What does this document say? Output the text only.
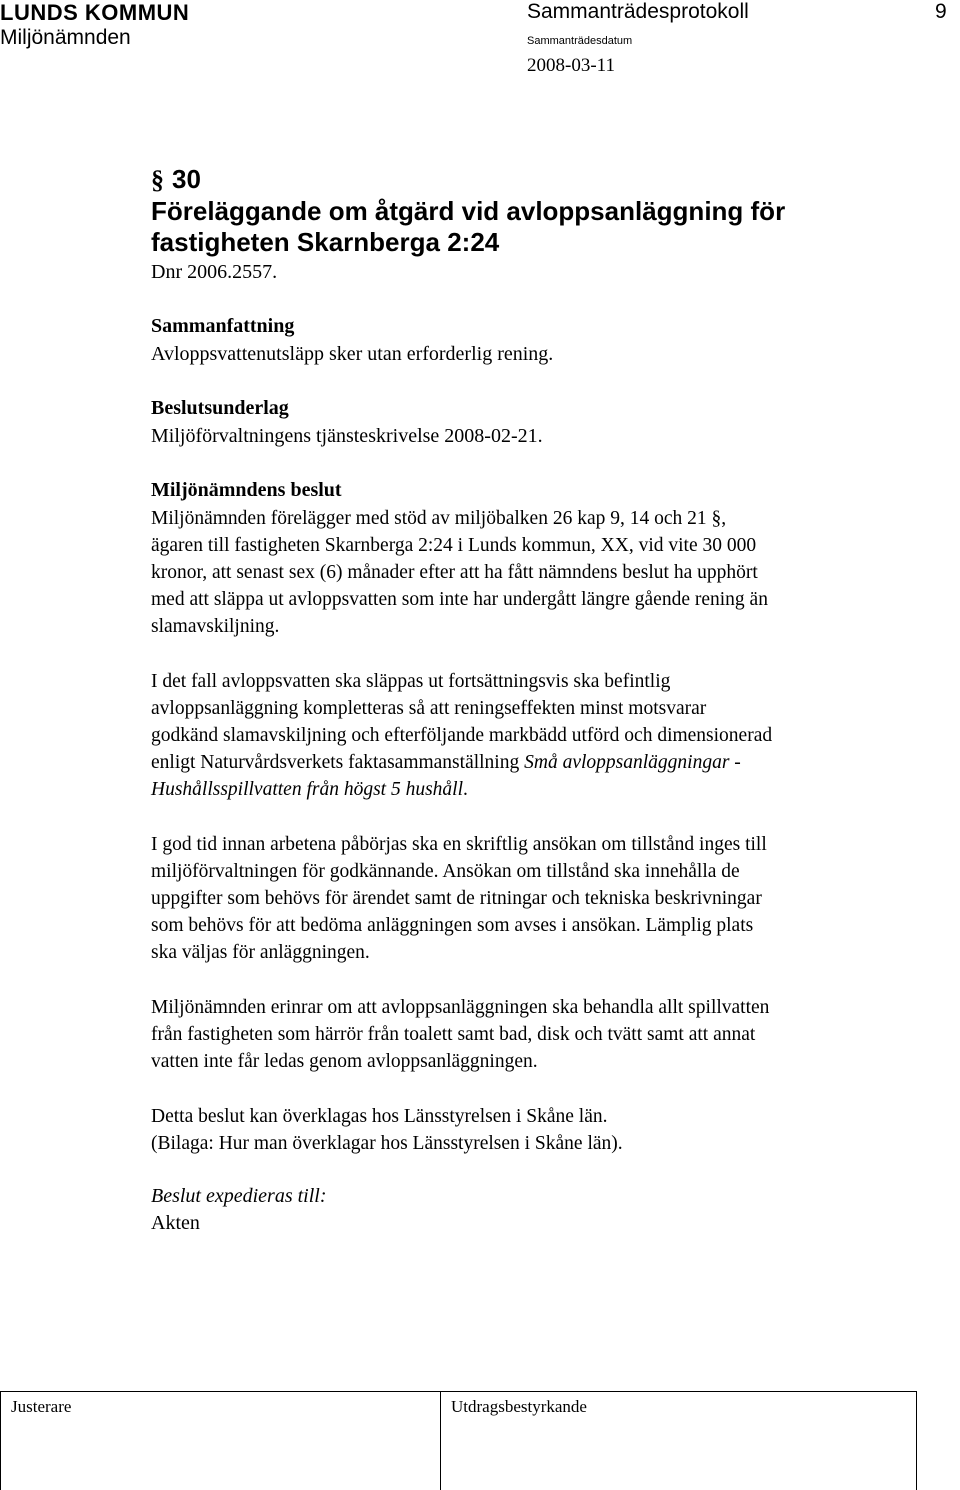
LUNDS KOMMUN
Miljönämnden
Sammanträdesprotokoll	9
Sammanträdesdatum
2008-03-11
§ 30
Föreläggande om åtgärd vid avloppsanläggning för
fastigheten Skarnberga 2:24
Dnr 2006.2557.
Sammanfattning
Avloppsvattenutsläpp sker utan erforderlig rening.
Beslutsunderlag
Miljöförvaltningens tjänsteskrivelse 2008-02-21.
Miljönämndens beslut
Miljönämnden förelägger med stöd av miljöbalken 26 kap 9, 14 och 21 §,
ägaren till fastigheten Skarnberga 2:24 i Lunds kommun, XX, vid vite 30 000
kronor, att senast sex (6) månader efter att ha fått nämndens beslut ha upphört
med att släppa ut avloppsvatten som inte har undergått längre gående rening än
slamavskiljning.
I det fall avloppsvatten ska släppas ut fortsättningsvis ska befintlig
avloppsanläggning kompletteras så att reningseffekten minst motsvarar
godkänd slamavskiljning och efterföljande markbädd utförd och dimensionerad
enligt Naturvårdsverkets faktasammanställning Små avloppsanläggningar -
Hushållsspillvatten från högst 5 hushåll.
I god tid innan arbetena påbörjas ska en skriftlig ansökan om tillstånd inges till
miljöförvaltningen för godkännande. Ansökan om tillstånd ska innehålla de
uppgifter som behövs för ärendet samt de ritningar och tekniska beskrivningar
som behövs för att bedöma anläggningen som avses i ansökan. Lämplig plats
ska väljas för anläggningen.
Miljönämnden erinrar om att avloppsanläggningen ska behandla allt spillvatten
från fastigheten som härrör från toalett samt bad, disk och tvätt samt att annat
vatten inte får ledas genom avloppsanläggningen.
Detta beslut kan överklagas hos Länsstyrelsen i Skåne län.
(Bilaga: Hur man överklagar hos Länsstyrelsen i Skåne län).
Beslut expedieras till:
Akten
Justerare	Utdragsbestyrkande
